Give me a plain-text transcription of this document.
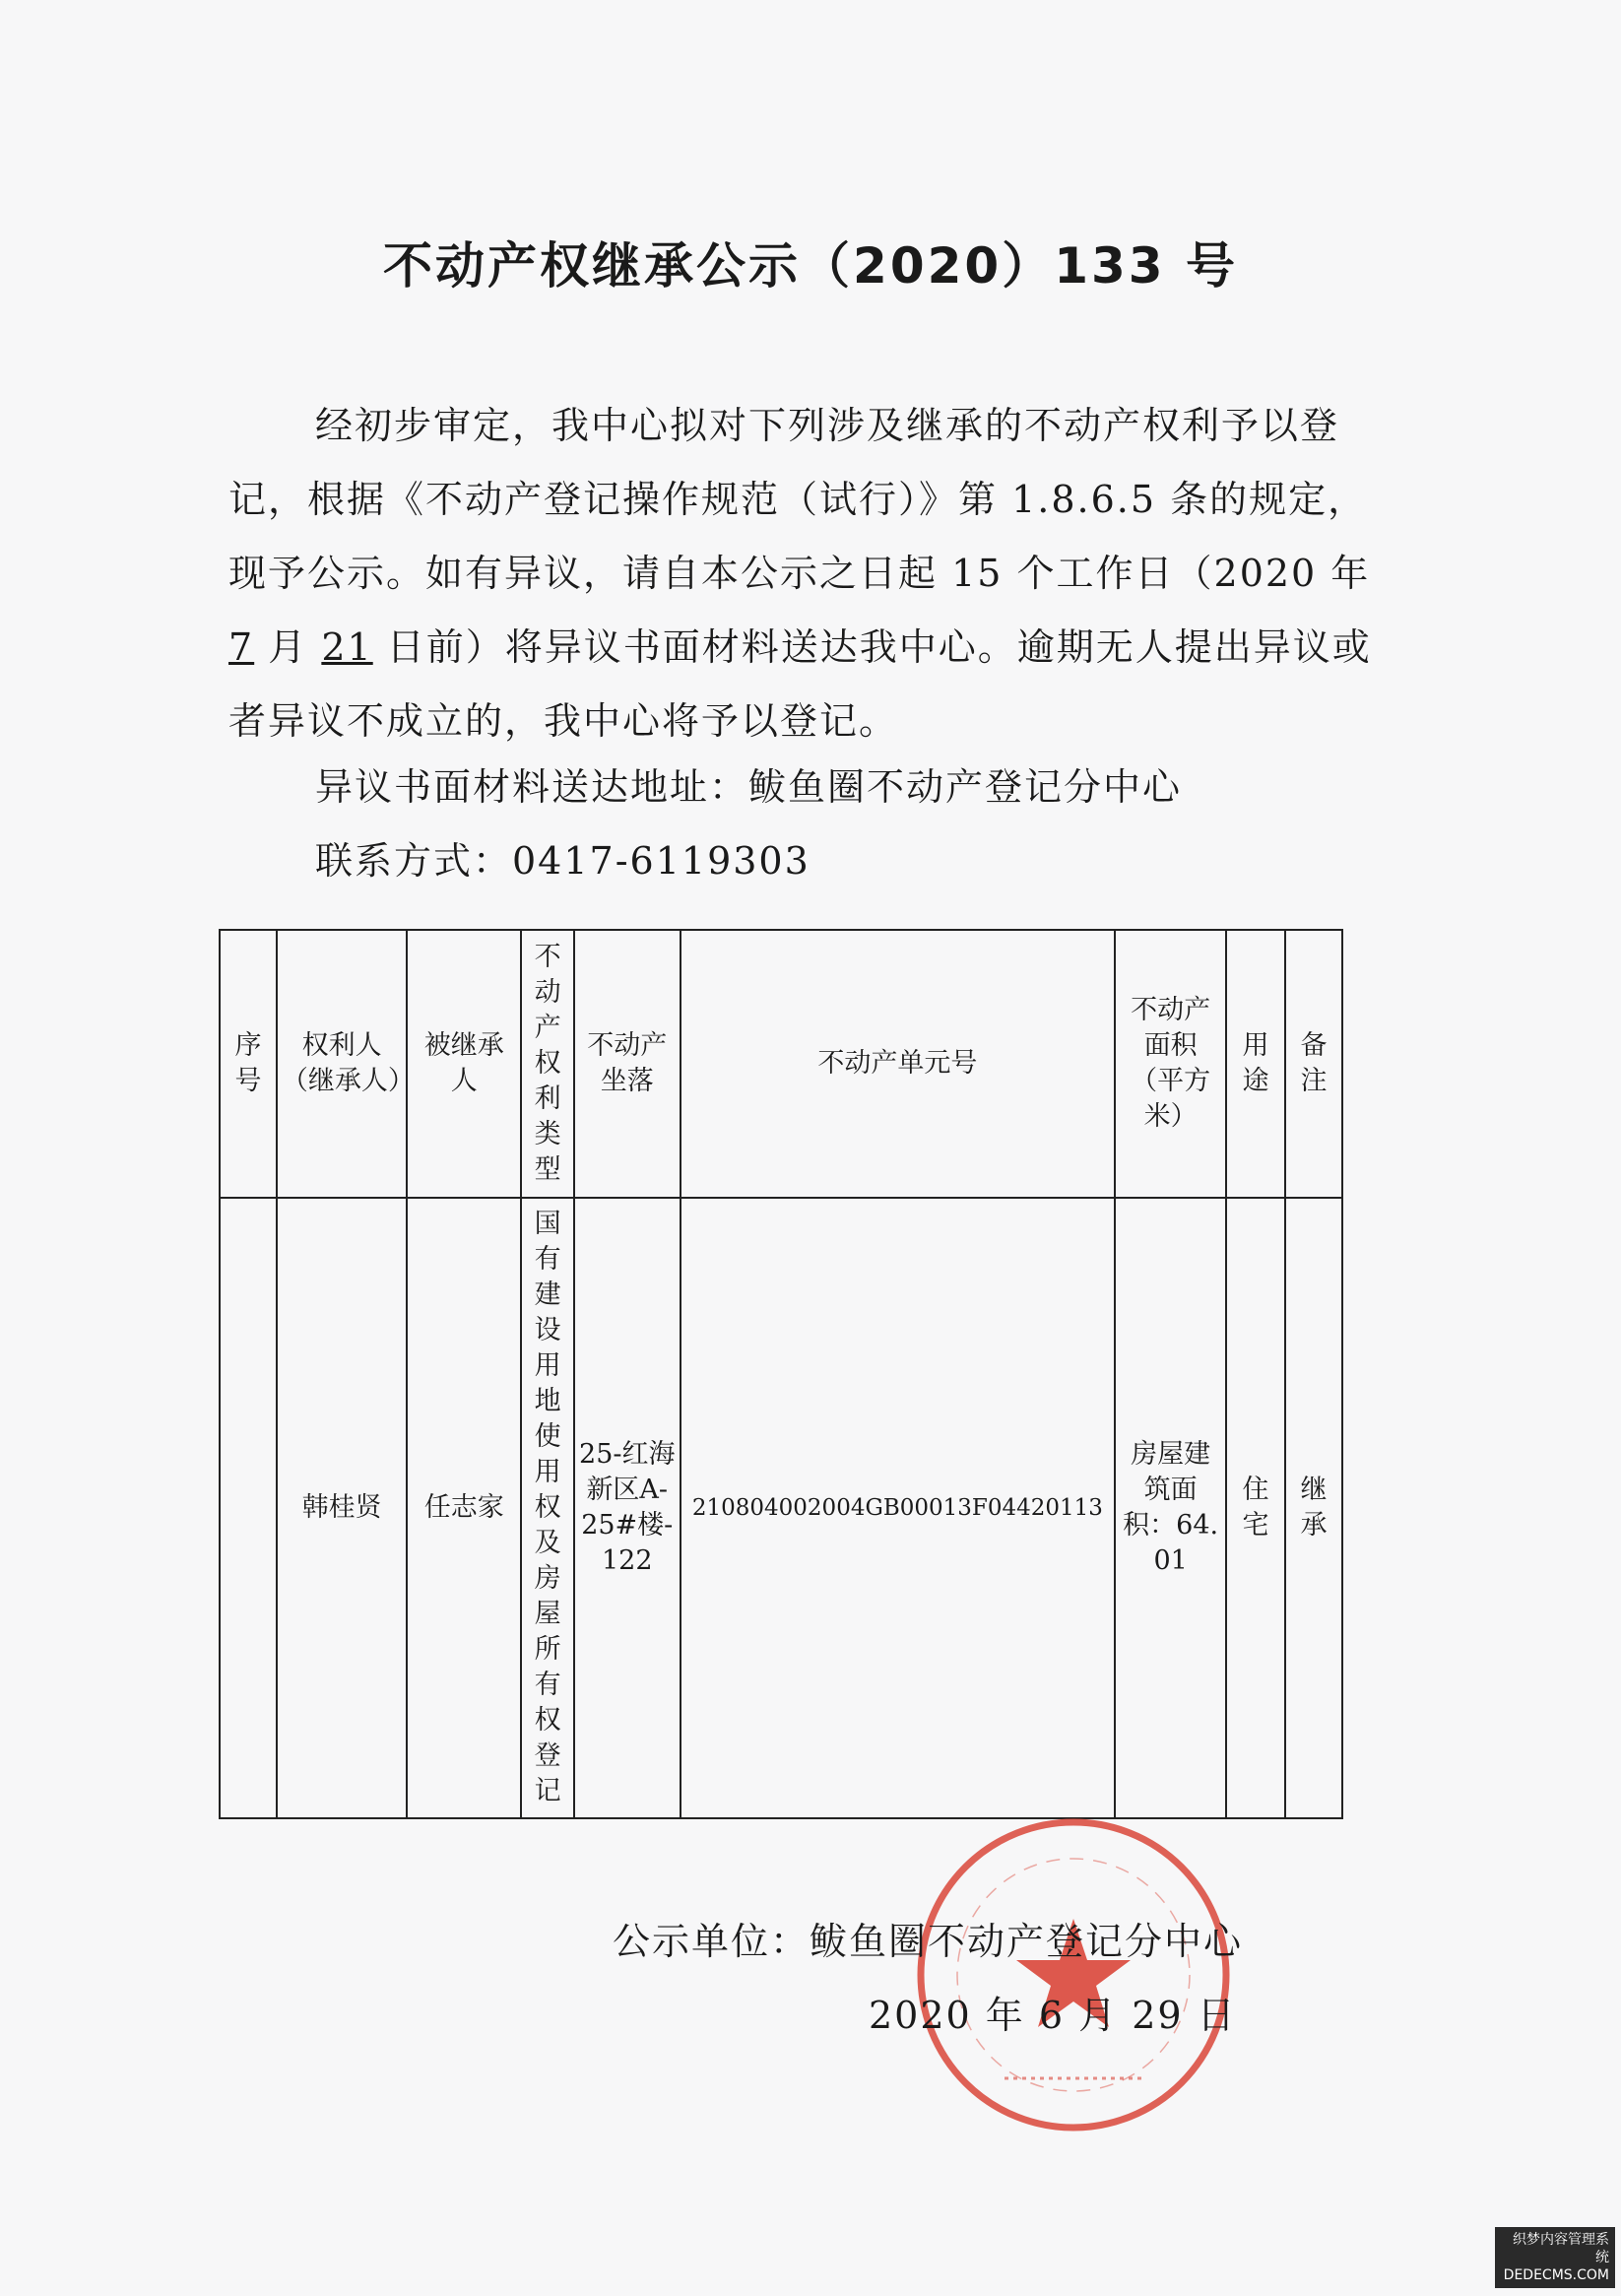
不动产权继承公示（2020）133 号

经初步审定，我中心拟对下列涉及继承的不动产权利予以登记，根据《不动产登记操作规范（试行）》第 1.8.6.5 条的规定，现予公示。如有异议，请自本公示之日起 15 个工作日（2020 年 7 月 21 日前）将异议书面材料送达我中心。逾期无人提出异议或者异议不成立的，我中心将予以登记。

异议书面材料送达地址：鲅鱼圈不动产登记分中心
联系方式：0417-6119303
序号	权利人（继承人）	被继承人	不动产权利类型	不动产坐落	不动产单元号	不动产面积（平方米）	用途	备注
	韩桂贤	任志家	国有建设用地使用权及房屋所有权登记	25-红海新区A-25#楼-122	210804002004GB00013F04420113	房屋建筑面积：64.01	住宅	继承
公示单位：鲅鱼圈不动产登记分中心
2020 年 6 月 29 日
织梦内容管理系统
DEDECMS.COM
